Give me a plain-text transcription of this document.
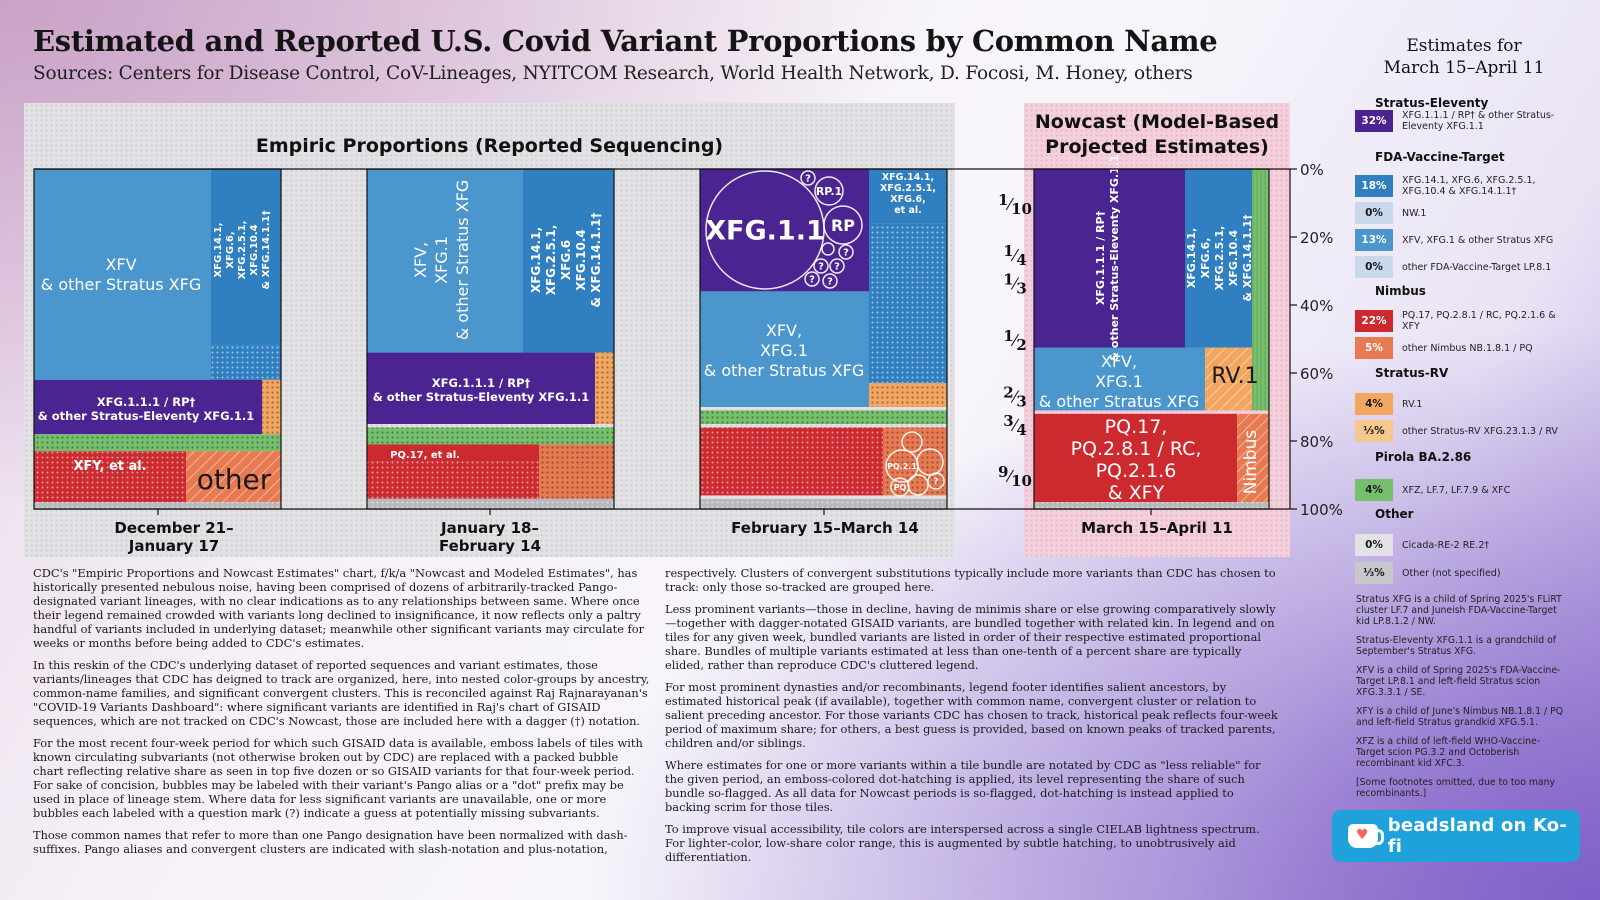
Estimated and Reported U.S. Covid Variant Proportions by Common Name
Sources: Centers for Disease Control, CoV-Lineages, NYITCOM Research, World Health Network, D. Focosi, M. Honey, others
Empiric Proportions (Reported Sequencing)
Nowcast (Model-Based
Projected Estimates)
XFV
& other Stratus XFG
XFG.14.1, XFG.6, XFG.2.5.1, XFG.10.4 & XFG.14.1.1†
XFG.1.1.1 / RP†
& other Stratus-Eleventy XFG.1.1
XFY, et al. other
XFV, XFG.1 & other Stratus XFG	XFG.14.1, XFG.2.5.1, XFG.6 XFG.10.4 & XFG.14.1.1†
XFG.1.1.1 / RP†
& other Stratus-Eleventy XFG.1.1
PQ.17, et al.
XFG.1.1 RP
RP.1
?
?
? ?
? ?
XFG.14.1,
XFG.2.5.1,
XFG.6,
et al.
XFV,
XFG.1
& other Stratus XFG
PQ.2.1
PQ
?
XFG.1.1.1 / RP† & other Stratus-Eleventy XFG.1.1	XFG.14.1, XFG.6, XFG.2.5.1, XFG.10.4 & XFG.14.1.1†
XFV,
XFG.1
& other Stratus XFG
RV.1
PQ.17,
PQ.2.8.1 / RC,
PQ.2.1.6
& XFY	Nimbus
0%
20%
40%
60%
80%
100%
1⁄10
1⁄4
1⁄3
1⁄2
2⁄3
3⁄4
9⁄10
December 21–
January 17
January 18–
February 14
February 15–March 14	March 15–April 11

CDC's "Empiric Proportions and Nowcast Estimates" chart, f/k/a "Nowcast and Modeled Estimates", has historically presented nebulous noise, having been comprised of dozens of arbitrarily-tracked Pango-designated variant lineages, with no clear indications as to any relationships between same. Where once their legend remained crowded with variants long declined to insignificance, it now reflects only a paltry handful of variants included in underlying dataset; meanwhile other significant variants may circulate for weeks or months before being added to CDC's estimates.

In this reskin of the CDC's underlying dataset of reported sequences and variant estimates, those variants/lineages that CDC has deigned to track are organized, here, into nested color-groups by ancestry, common-name families, and significant convergent clusters. This is reconciled against Raj Rajnarayanan's "COVID-19 Variants Dashboard": where significant variants are identified in Raj's chart of GISAID sequences, which are not tracked on CDC's Nowcast, those are included here with a dagger (†) notation.

For the most recent four-week period for which such GISAID data is available, emboss labels of tiles with known circulating subvariants (not otherwise broken out by CDC) are replaced with a packed bubble chart reflecting relative share as seen in top five dozen or so GISAID variants for that four-week period. For sake of concision, bubbles may be labeled with their variant's Pango alias or a "dot" prefix may be used in place of lineage stem. Where data for less significant variants are unavailable, one or more bubbles each labeled with a question mark (?) indicate a guess at potentially missing subvariants.

Those common names that refer to more than one Pango designation have been normalized with dash-suffixes. Pango aliases and convergent clusters are indicated with slash-notation and plus-notation,

respectively. Clusters of convergent substitutions typically include more variants than CDC has chosen to track: only those so-tracked are grouped here.

Less prominent variants—those in decline, having de minimis share or else growing comparatively slowly—together with dagger-notated GISAID variants, are bundled together with related kin. In legend and on tiles for any given week, bundled variants are listed in order of their respective estimated proportional share. Bundles of multiple variants estimated at less than one-tenth of a percent share are typically elided, rather than reproduce CDC's cluttered legend.

For most prominent dynasties and/or recombinants, legend footer identifies salient ancestors, by estimated historical peak (if available), together with common name, convergent cluster or relation to salient preceding ancestor. For those variants CDC has chosen to track, historical peak reflects four-week period of maximum share; for others, a best guess is provided, based on known peaks of tracked parents, children and/or siblings.

Where estimates for one or more variants within a tile bundle are notated by CDC as "less reliable" for the given period, an emboss-colored dot-hatching is applied, its level representing the share of such bundle so-flagged. As all data for Nowcast periods is so-flagged, dot-hatching is instead applied to backing scrim for those tiles.

To improve visual accessibility, tile colors are interspersed across a single CIELAB lightness spectrum. For lighter-color, low-share color range, this is augmented by subtle hatching, to unobtrusively aid differentiation.

Estimates for
March 15–April 11
Stratus-Eleventy
32%	XFG.1.1.1 / RP† & other Stratus-Eleventy XFG.1.1
FDA-Vaccine-Target
18%	XFG.14.1, XFG.6, XFG.2.5.1, XFG.10.4 & XFG.14.1.1†
0%	NW.1
13%	XFV, XFG.1 & other Stratus XFG
0%	other FDA-Vaccine-Target LP.8.1
Nimbus
22%	PQ.17, PQ.2.8.1 / RC, PQ.2.1.6 & XFY
5%	other Nimbus NB.1.8.1 / PQ
Stratus-RV
4%	RV.1
⅓%	other Stratus-RV XFG.23.1.3 / RV
Pirola BA.2.86
4%	XFZ, LF.7, LF.7.9 & XFC
Other
0%	Cicada-RE-2 RE.2†
⅓%	Other (not specified)

Stratus XFG is a child of Spring 2025's FLiRT cluster LF.7 and Juneish FDA-Vaccine-Target kid LP.8.1.2 / NW.

Stratus-Eleventy XFG.1.1 is a grandchild of September's Stratus XFG.

XFV is a child of Spring 2025's FDA-Vaccine-Target LP.8.1 and left-field Stratus scion XFG.3.3.1 / SE.

XFY is a child of June's Nimbus NB.1.8.1 / PQ and left-field Stratus grandkid XFG.5.1.

XFZ is a child of left-field WHO-Vaccine-Target scion PG.3.2 and Octoberish recombinant kid XFC.3.

[Some footnotes omitted, due to too many recombinants.]

♥ beadsland on Ko-fi
